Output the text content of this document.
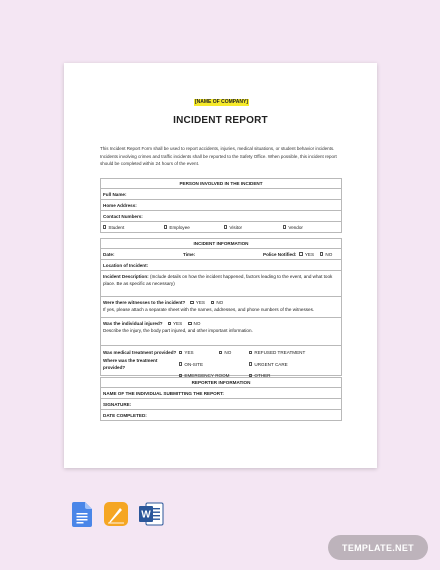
[NAME OF COMPANY]
INCIDENT REPORT
This Incident Report Form shall be used to report accidents, injuries, medical situations, or student behavior incidents. Incidents involving crimes and traffic incidents shall be reported to the Safety Office. When possible, this incident report should be completed within 24 hours of the event.
PERSON INVOLVED IN THE INCIDENT
Full Name:
Home Address:
Contact Numbers:
Student	Employee	Visitor	Vendor
INCIDENT INFORMATION
Date:	Time:	Police Notified: YES NO
Location of Incident:
Incident Description: (Include details on how the incident happened, factors leading to the event, and what took place. Be as specific as necessary)
Were there witnesses to the incident? YES NO
If yes, please attach a separate sheet with the names, addresses, and phone numbers of the witnesses.
Was the individual injured? YES NO
Describe the injury, the body part injured, and other important information.
Was medical treatment provided?	YES	NO	REFUSED TREATMENT
Where was the treatment provided?
ON-SITE	URGENT CARE
EMERGENCY ROOM	OTHER
REPORTER INFORMATION
NAME OF THE INDIVIDUAL SUBMITTING THE REPORT:
SIGNATURE:
DATE COMPLETED:
W
TEMPLATE.NET
